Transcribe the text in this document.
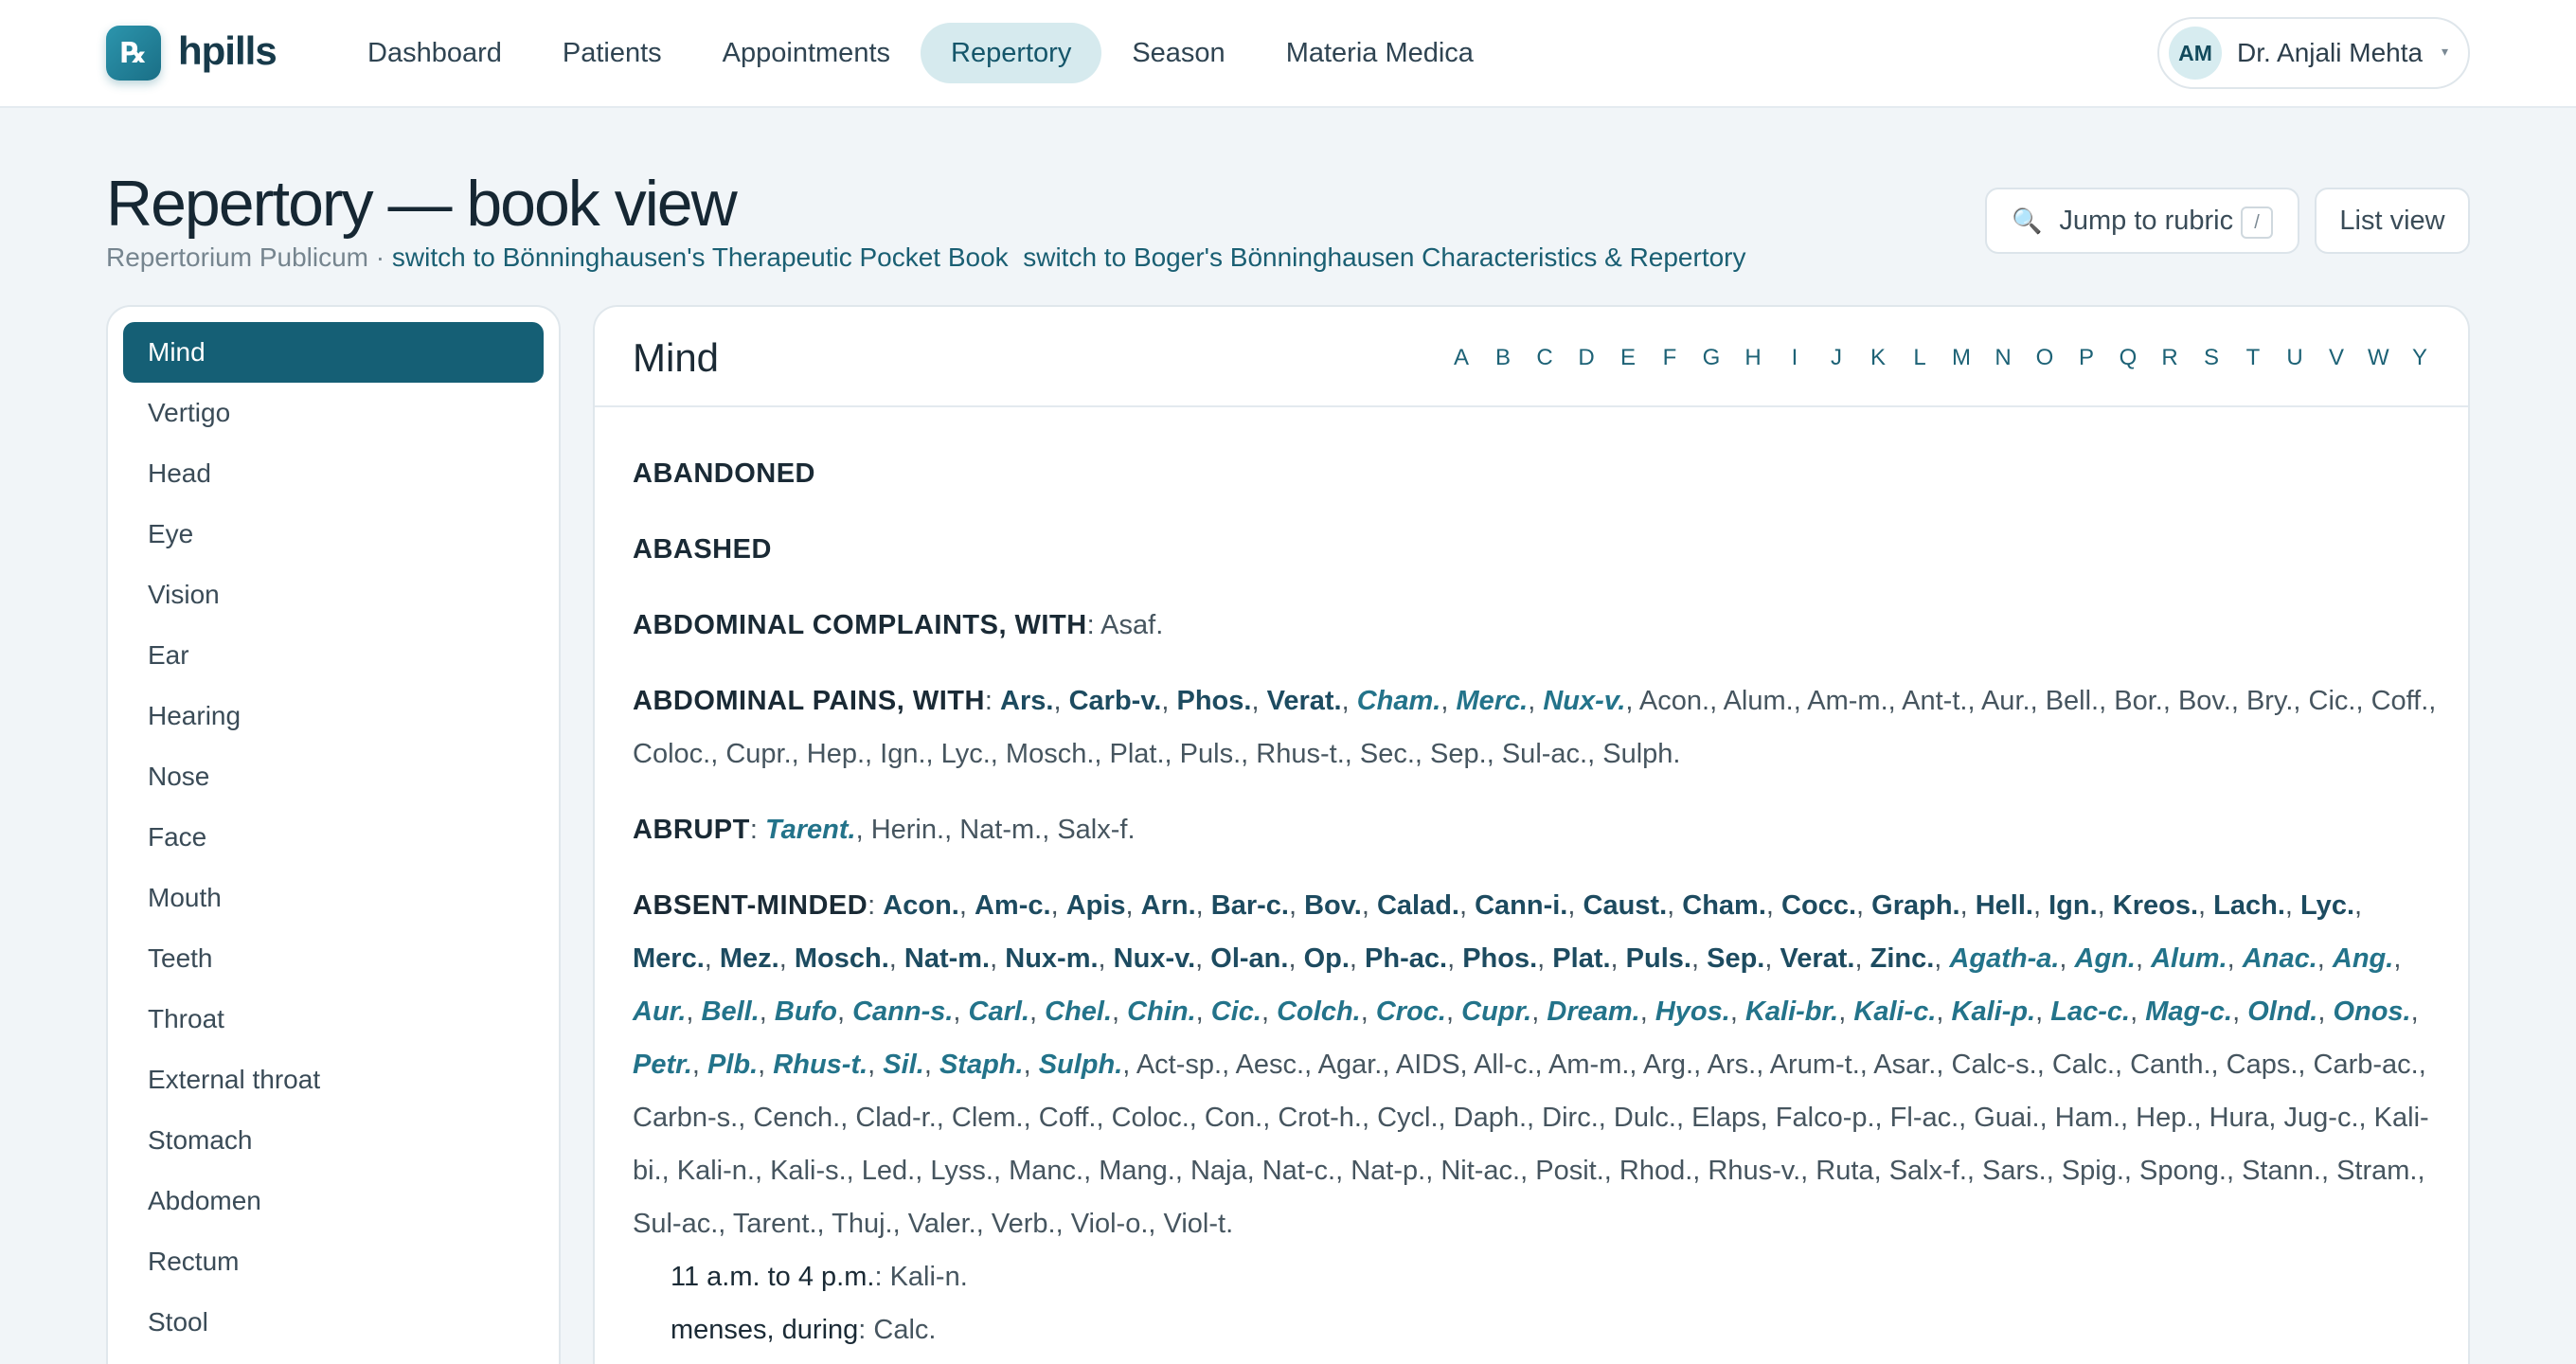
℞ hpills	Dashboard	Patients	Appointments	Repertory	Season	Materia Medica	AM Dr. Anjali Mehta ▾
Repertory — book view
Repertorium Publicum · switch to Bönninghausen's Therapeutic Pocket Book switch to Boger's Bönninghausen Characteristics & Repertory
🔍 Jump to rubric	/	List view
Mind
Vertigo
Head
Eye
Vision
Ear
Hearing
Nose
Face
Mouth
Teeth
Throat
External throat
Stomach
Abdomen
Rectum
Stool
Mind	A B C D E F G H	I	J K L M N O P Q R S T U V W Y
ABANDONED
ABASHED
ABDOMINAL COMPLAINTS, WITH: Asaf.
ABDOMINAL PAINS, WITH: Ars., Carb-v., Phos., Verat., Cham., Merc., Nux-v., Acon., Alum., Am-m., Ant-t., Aur., Bell., Bor., Bov., Bry., Cic., Coff., Coloc., Cupr., Hep., Ign., Lyc., Mosch., Plat., Puls., Rhus-t., Sec., Sep., Sul-ac., Sulph.
ABRUPT: Tarent., Herin., Nat-m., Salx-f.
ABSENT-MINDED: Acon., Am-c., Apis, Arn., Bar-c., Bov., Calad., Cann-i., Caust., Cham., Cocc., Graph., Hell., Ign., Kreos., Lach., Lyc., Merc., Mez., Mosch., Nat-m., Nux-m., Nux-v., Ol-an., Op., Ph-ac., Phos., Plat., Puls., Sep., Verat., Zinc., Agath-a., Agn., Alum., Anac., Ang., Aur., Bell., Bufo, Cann-s., Carl., Chel., Chin., Cic., Colch., Croc., Cupr., Dream., Hyos., Kali-br., Kali-c., Kali-p., Lac-c., Mag-c., Olnd., Onos., Petr., Plb., Rhus-t., Sil., Staph., Sulph., Act-sp., Aesc., Agar., AIDS, All-c., Am-m., Arg., Ars., Arum-t., Asar., Calc-s., Calc., Canth., Caps., Carb-ac., Carbn-s., Cench., Clad-r., Clem., Coff., Coloc., Con., Crot-h., Cycl., Daph., Dirc., Dulc., Elaps, Falco-p., Fl-ac., Guai., Ham., Hep., Hura, Jug-c., Kali-bi., Kali-n., Kali-s., Led., Lyss., Manc., Mang., Naja, Nat-c., Nat-p., Nit-ac., Posit., Rhod., Rhus-v., Ruta, Salx-f., Sars., Spig., Spong., Stann., Stram., Sul-ac., Tarent., Thuj., Valer., Verb., Viol-o., Viol-t.
11 a.m. to 4 p.m.: Kali-n.
menses, during: Calc.
